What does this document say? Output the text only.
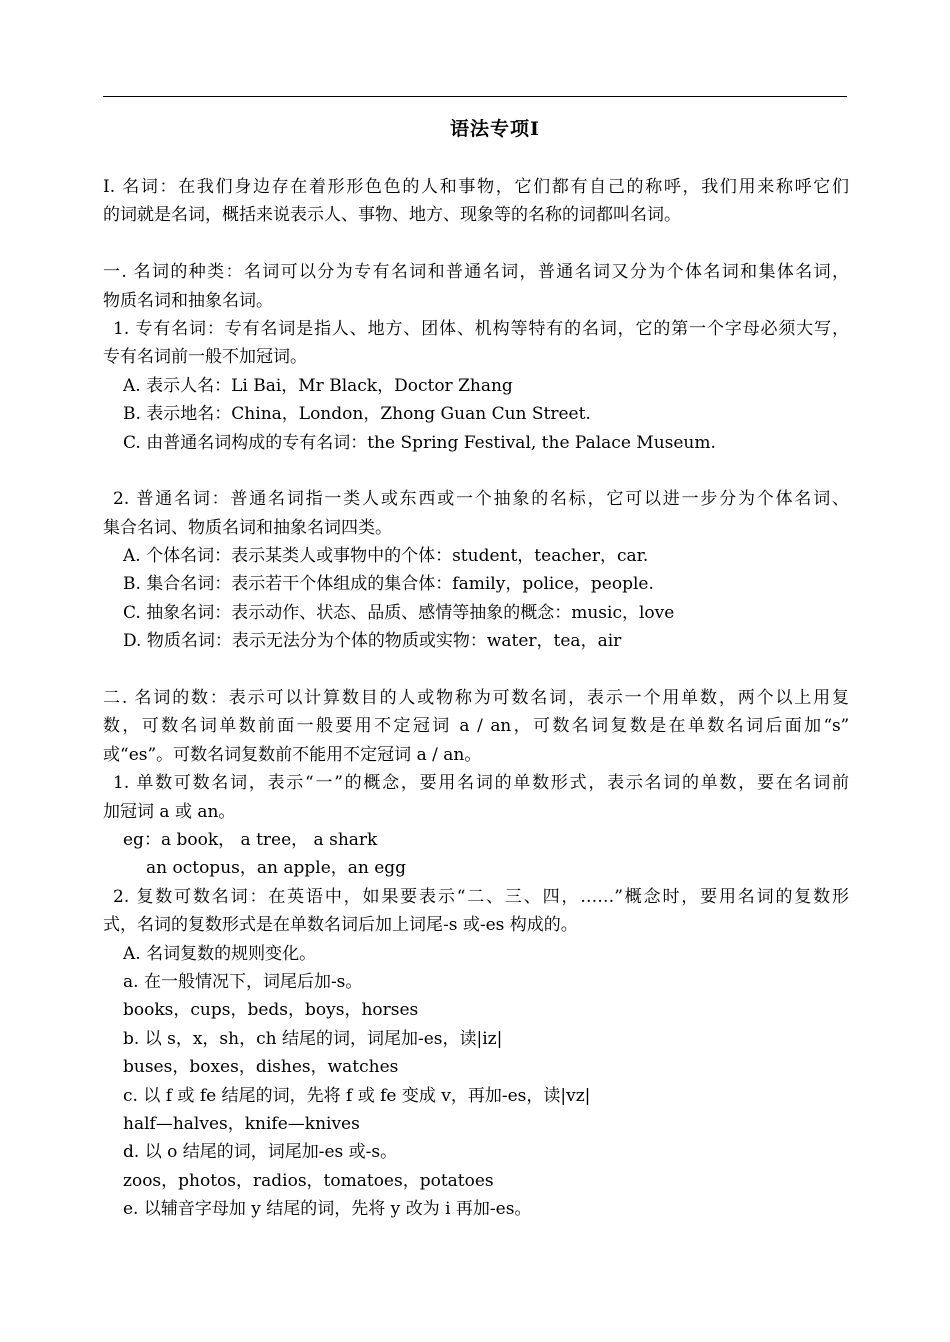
语法专项Ⅰ
I. 名词：在我们身边存在着形形色色的人和事物，它们都有自己的称呼，我们用来称呼它们
的词就是名词，概括来说表示人、事物、地方、现象等的名称的词都叫名词。
一. 名词的种类：名词可以分为专有名词和普通名词，普通名词又分为个体名词和集体名词，
物质名词和抽象名词。
1. 专有名词：专有名词是指人、地方、团体、机构等特有的名词，它的第一个字母必须大写，
专有名词前一般不加冠词。
A. 表示人名：Li Bai，Mr Black，Doctor Zhang
B. 表示地名：China，London，Zhong Guan Cun Street.
C. 由普通名词构成的专有名词：the Spring Festival, the Palace Museum.
2. 普通名词：普通名词指一类人或东西或一个抽象的名标，它可以进一步分为个体名词、
集合名词、物质名词和抽象名词四类。
A. 个体名词：表示某类人或事物中的个体：student，teacher，car.
B. 集合名词：表示若干个体组成的集合体：family，police，people.
C. 抽象名词：表示动作、状态、品质、感情等抽象的概念：music，love
D. 物质名词：表示无法分为个体的物质或实物：water，tea，air
二. 名词的数：表示可以计算数目的人或物称为可数名词，表示一个用单数，两个以上用复
数，可数名词单数前面一般要用不定冠词 a / an，可数名词复数是在单数名词后面加“s”
或“es”。可数名词复数前不能用不定冠词 a / an。
1. 单数可数名词，表示“一”的概念，要用名词的单数形式，表示名词的单数，要在名词前
加冠词 a 或 an。
eg：a book， a tree， a shark
an octopus，an apple，an egg
2. 复数可数名词：在英语中，如果要表示“二、三、四，……”概念时，要用名词的复数形
式，名词的复数形式是在单数名词后加上词尾-s 或-es 构成的。
A. 名词复数的规则变化。
a. 在一般情况下，词尾后加-s。
books，cups，beds，boys，horses
b. 以 s，x，sh，ch 结尾的词，词尾加-es，读|iz|
buses，boxes，dishes，watches
c. 以 f 或 fe 结尾的词，先将 f 或 fe 变成 v，再加-es，读|vz|
half—halves，knife—knives
d. 以 o 结尾的词，词尾加-es 或-s。
zoos，photos，radios，tomatoes，potatoes
e. 以辅音字母加 y 结尾的词，先将 y 改为 i 再加-es。
